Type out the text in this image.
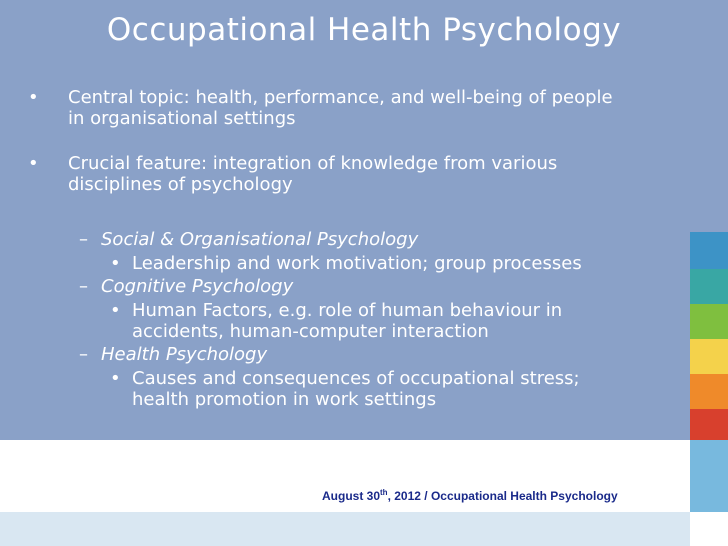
Occupational Health Psychology
• Central topic: health, performance, and well-being of people
in organisational settings
• Crucial feature: integration of knowledge from various
disciplines of psychology
– Social & Organisational Psychology
• Leadership and work motivation; group processes
– Cognitive Psychology
• Human Factors, e.g. role of human behaviour in
accidents, human-computer interaction
– Health Psychology
• Causes and consequences of occupational stress;
health promotion in work settings
August 30th, 2012 / Occupational Health Psychology
